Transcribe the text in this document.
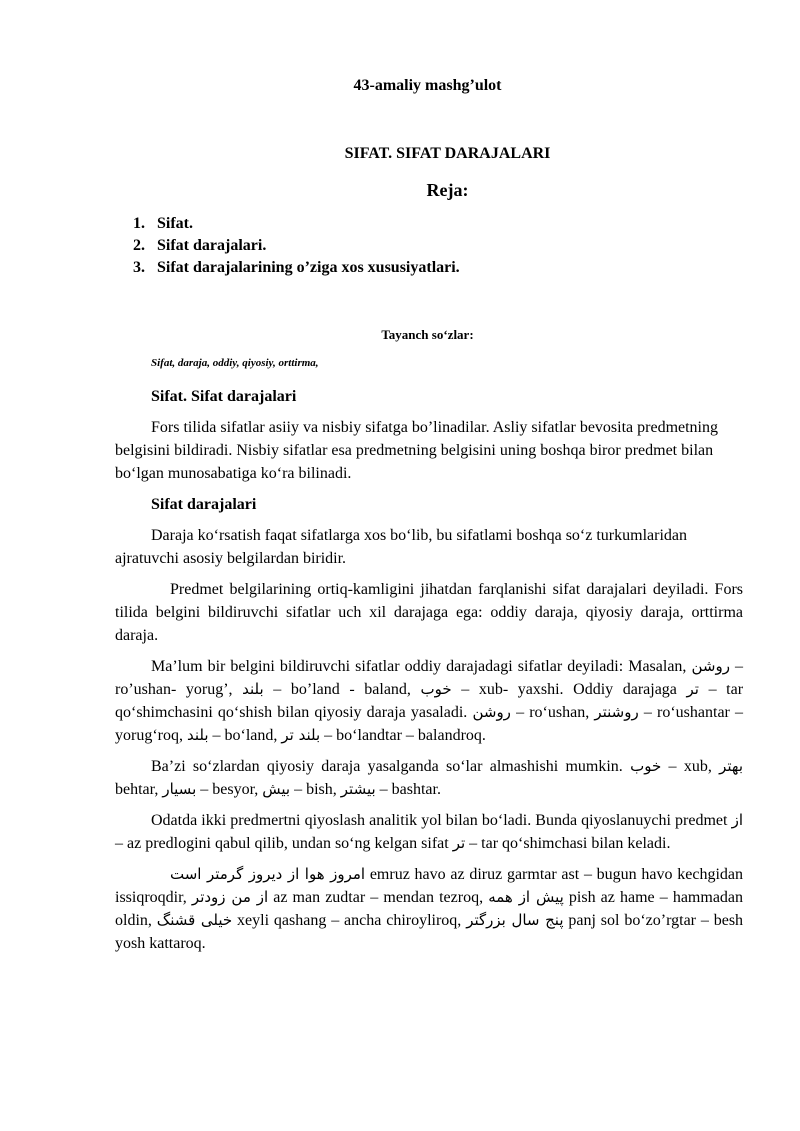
43-amaliy mashg’ulot
SIFAT. SIFAT DARAJALARI
Reja:
1. Sifat.
2. Sifat darajalari.
3. Sifat darajalarining o’ziga xos xususiyatlari.
Tayanch so‘zlar:
Sifat, daraja, oddiy, qiyosiy, orttirma,
Sifat. Sifat darajalari

Fors tilida sifatlar asiiy va nisbiy sifatga bo’linadilar. Asliy sifatlar bevosita predmetning belgisini bildiradi. Nisbiy sifatlar esa predmetning belgisini uning boshqa biror predmet bilan bo‘lgan munosabatiga ko‘ra bilinadi.

Sifat darajalari

Daraja ko‘rsatish faqat sifatlarga xos bo‘lib, bu sifatlami boshqa so‘z turkumlaridan ajratuvchi asosiy belgilardan biridir.

Predmet belgilarining ortiq-kamligini jihatdan farqlanishi sifat darajalari deyiladi. Fors tilida belgini bildiruvchi sifatlar uch xil darajaga ega: oddiy daraja, qiyosiy daraja, orttirma daraja.

Ma’lum bir belgini bildiruvchi sifatlar oddiy darajadagi sifatlar deyiladi: Masalan, روشن – ro’ushan- yorug’, بلند – bo’land - baland, خوب – xub- yaxshi. Oddiy darajaga تر – tar qo‘shimchasini qo‘shish bilan qiyosiy daraja yasaladi. روشن – ro‘ushan, روشنتر – ro‘ushantar – yorug‘roq, بلند – bo‘land, بلند تر – bo‘landtar – balandroq.

Ba’zi so‘zlardan qiyosiy daraja yasalganda so‘lar almashishi mumkin. خوب – xub, بهتر behtar, بسیار – besyor, بیش – bish, بیشتر – bashtar.

Odatda ikki predmertni qiyoslash analitik yol bilan bo‘ladi. Bunda qiyoslanuychi predmet از – az predlogini qabul qilib, undan so‘ng kelgan sifat تر – tar qo‘shimchasi bilan keladi.

امروز هوا از دیروز گرمتر است emruz havo az diruz garmtar ast – bugun havo kechgidan issiqroqdir, از من زودتر az man zudtar – mendan tezroq, پیش از همه pish az hame – hammadan oldin, خیلی قشنگ xeyli qashang – ancha chiroyliroq, پنج سال بزرگتر panj sol bo‘zo’rgtar – besh yosh kattaroq.
